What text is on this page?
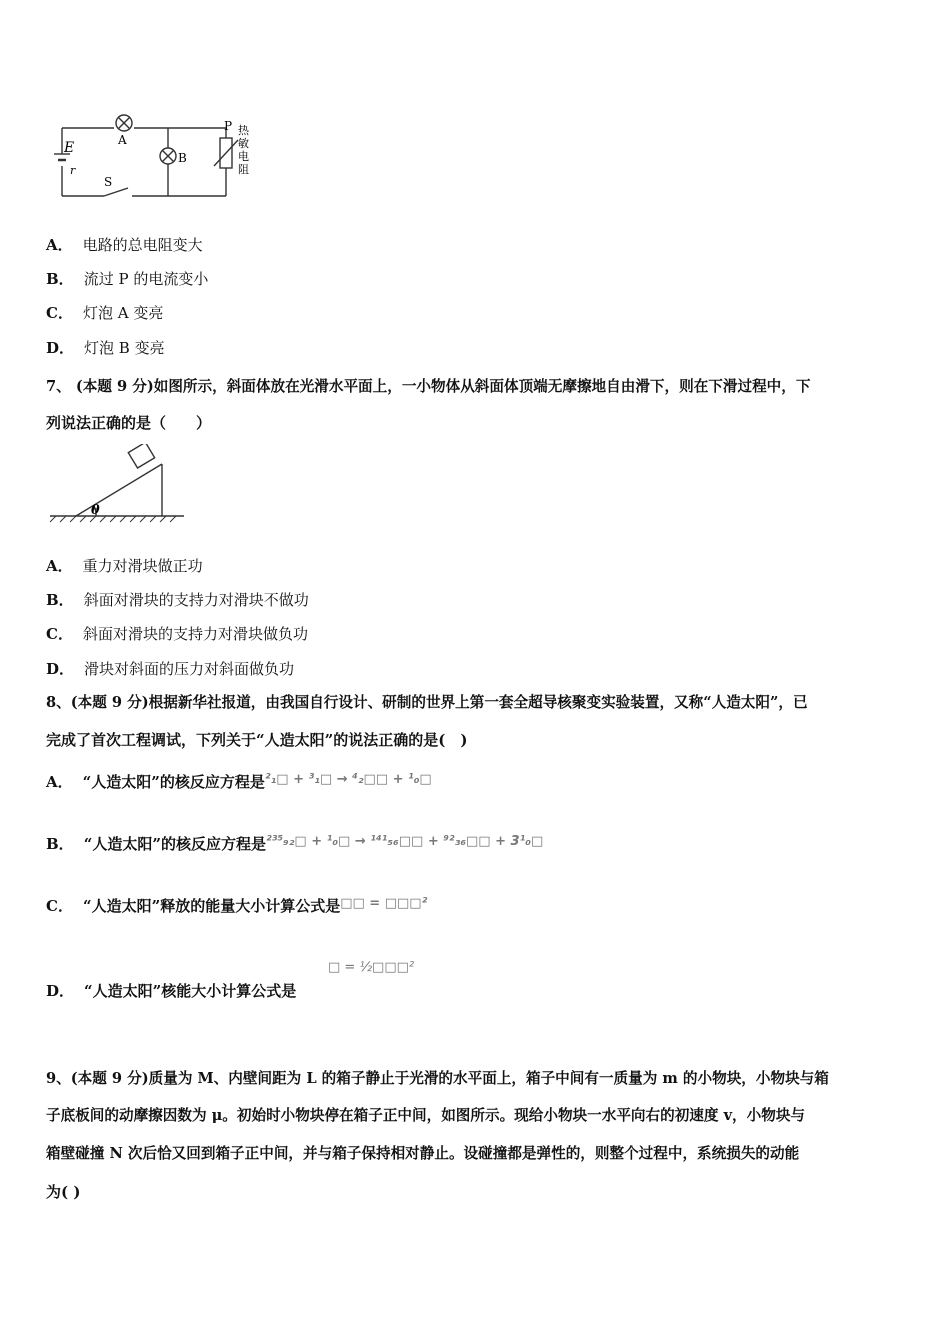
E
r
A
B
S
P 热
敏
电
阻
A． 电路的总电阻变大
B． 流过 P 的电流变小
C． 灯泡 A 变亮
D． 灯泡 B 变亮
7、 (本题 9 分)如图所示，斜面体放在光滑水平面上，一小物体从斜面体顶端无摩擦地自由滑下，则在下滑过程中，下
列说法正确的是（　　）
θ
A． 重力对滑块做正功
B． 斜面对滑块的支持力对滑块不做功
C． 斜面对滑块的支持力对滑块做负功
D． 滑块对斜面的压力对斜面做负功
8、(本题 9 分)根据新华社报道，由我国自行设计、研制的世界上第一套全超导核聚变实验装置，又称“人造太阳”，已
完成了首次工程调试，下列关于“人造太阳”的说法正确的是(　)
A． “人造太阳”的核反应方程是²₁□ + ³₁□ → ⁴₂□□ + ¹₀□
B． “人造太阳”的核反应方程是²³⁵₉₂□ + ¹₀□ → ¹⁴¹₅₆□□ + ⁹²₃₆□□ + 3¹₀□
C． “人造太阳”释放的能量大小计算公式是□□ = □□□²
D． “人造太阳”核能大小计算公式是
□ = ½□□□²
9、(本题 9 分)质量为 M、内壁间距为 L 的箱子静止于光滑的水平面上，箱子中间有一质量为 m 的小物块，小物块与箱
子底板间的动摩擦因数为 μ。初始时小物块停在箱子正中间，如图所示。现给小物块一水平向右的初速度 v，小物块与
箱壁碰撞 N 次后恰又回到箱子正中间，并与箱子保持相对静止。设碰撞都是弹性的，则整个过程中，系统损失的动能
为( )
